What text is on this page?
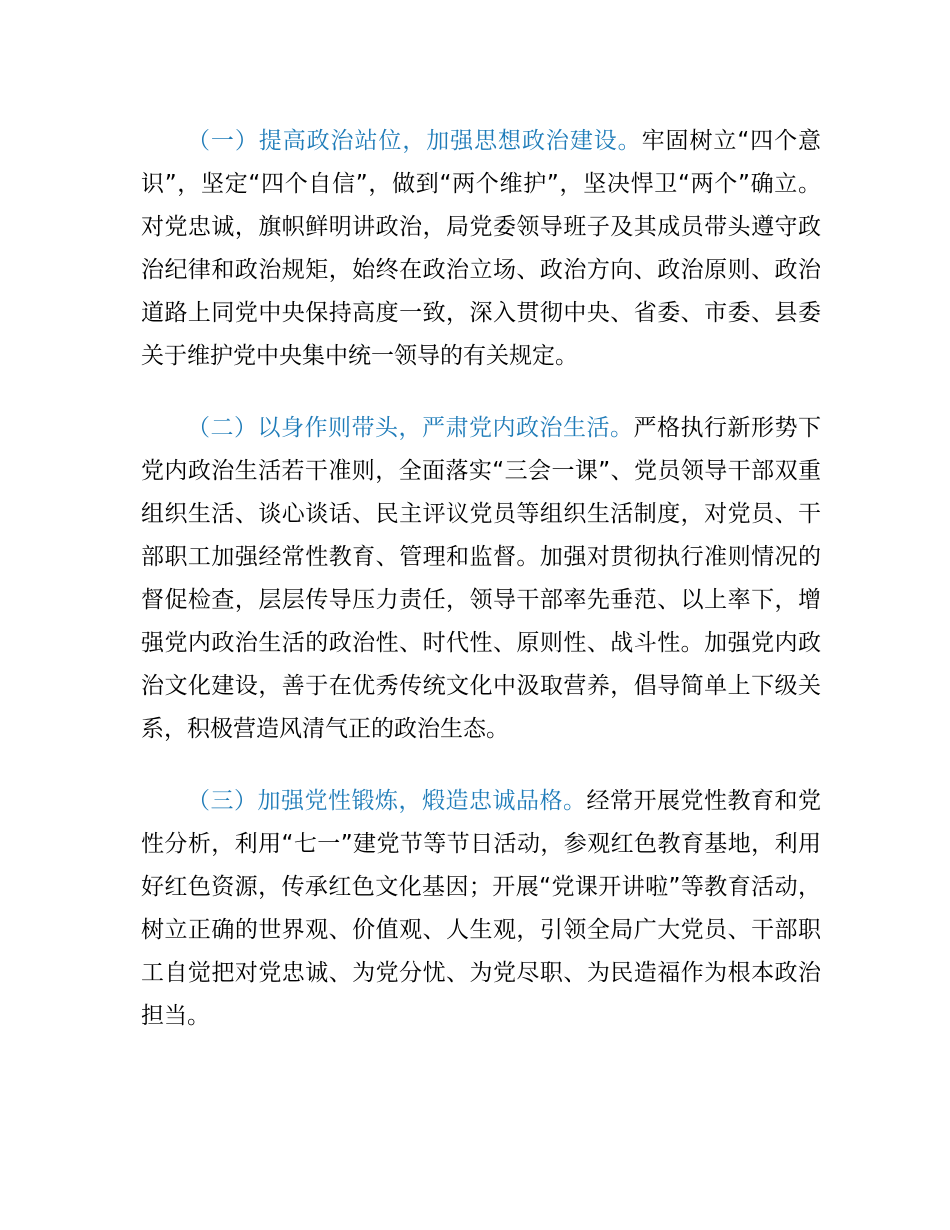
（一）提高政治站位，加强思想政治建设。牢固树立“四个意识”，坚定“四个自信”，做到“两个维护”，坚决悍卫“两个”确立。对党忠诚，旗帜鲜明讲政治，局党委领导班子及其成员带头遵守政治纪律和政治规矩，始终在政治立场、政治方向、政治原则、政治道路上同党中央保持高度一致，深入贯彻中央、省委、市委、县委关于维护党中央集中统一领导的有关规定。

（二）以身作则带头，严肃党内政治生活。严格执行新形势下党内政治生活若干准则，全面落实“三会一课”、党员领导干部双重组织生活、谈心谈话、民主评议党员等组织生活制度，对党员、干部职工加强经常性教育、管理和监督。加强对贯彻执行准则情况的督促检查，层层传导压力责任，领导干部率先垂范、以上率下，增强党内政治生活的政治性、时代性、原则性、战斗性。加强党内政治文化建设，善于在优秀传统文化中汲取营养，倡导简单上下级关系，积极营造风清气正的政治生态。

（三）加强党性锻炼，煅造忠诚品格。经常开展党性教育和党性分析，利用“七一”建党节等节日活动，参观红色教育基地，利用好红色资源，传承红色文化基因；开展“党课开讲啦”等教育活动，树立正确的世界观、价值观、人生观，引领全局广大党员、干部职工自觉把对党忠诚、为党分忧、为党尽职、为民造福作为根本政治担当。
